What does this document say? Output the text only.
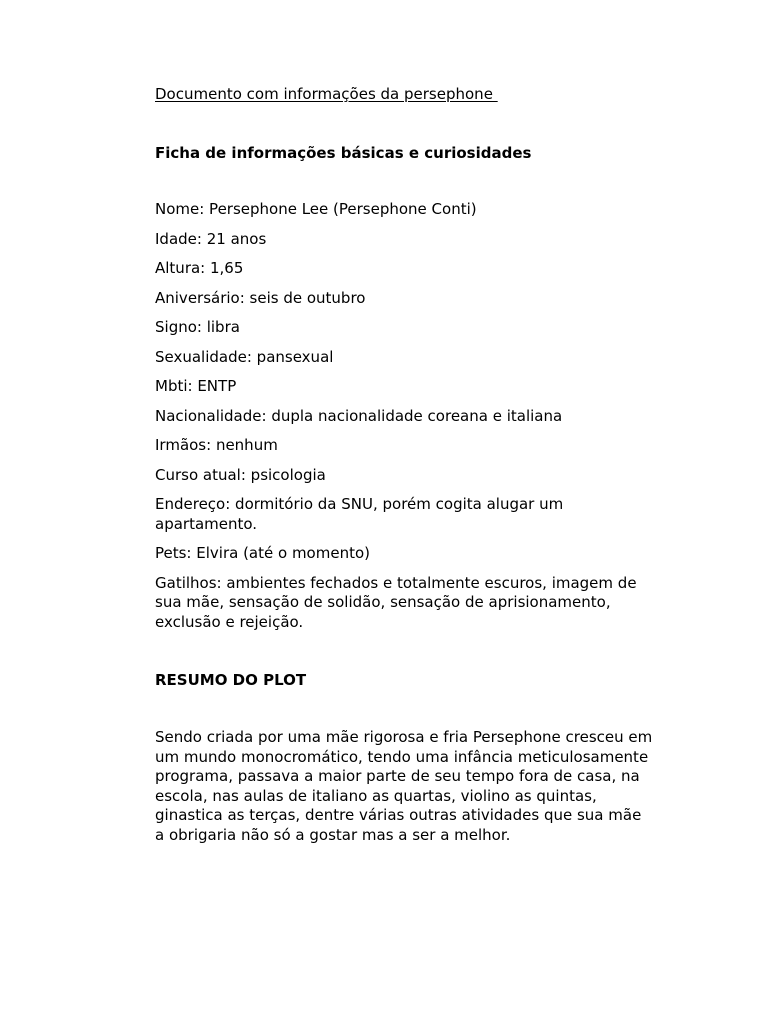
Documento com informações da persephone

Ficha de informações básicas e curiosidades

Nome: Persephone Lee (Persephone Conti)

Idade: 21 anos

Altura: 1,65

Aniversário: seis de outubro

Signo: libra

Sexualidade: pansexual

Mbti: ENTP

Nacionalidade: dupla nacionalidade coreana e italiana

Irmãos: nenhum

Curso atual: psicologia

Endereço: dormitório da SNU, porém cogita alugar um apartamento.

Pets: Elvira (até o momento)

Gatilhos: ambientes fechados e totalmente escuros, imagem de sua mãe, sensação de solidão, sensação de aprisionamento, exclusão e rejeição.

RESUMO DO PLOT

Sendo criada por uma mãe rigorosa e fria Persephone cresceu em um mundo monocromático, tendo uma infância meticulosamente programa, passava a maior parte de seu tempo fora de casa, na escola, nas aulas de italiano as quartas, violino as quintas, ginastica as terças, dentre várias outras atividades que sua mãe a obrigaria não só a gostar mas a ser a melhor.
